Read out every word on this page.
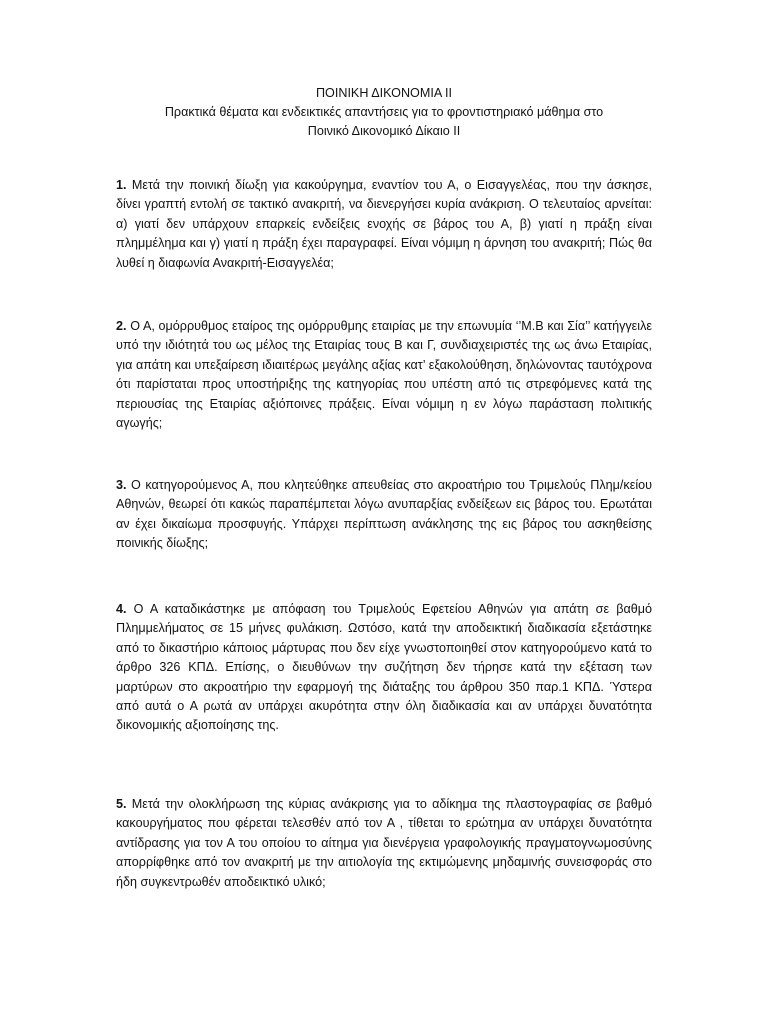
ΠΟΙΝΙΚΗ ΔΙΚΟΝΟΜΙΑ ΙΙ
Πρακτικά θέματα και ενδεικτικές απαντήσεις για το φροντιστηριακό μάθημα στο
Ποινικό Δικονομικό Δίκαιο ΙΙ

1. Μετά την ποινική δίωξη για κακούργημα, εναντίον του Α, ο Εισαγγελέας, που την άσκησε, δίνει γραπτή εντολή σε τακτικό ανακριτή, να διενεργήσει κυρία ανάκριση. Ο τελευταίος αρνείται: α) γιατί δεν υπάρχουν επαρκείς ενδείξεις ενοχής σε βάρος του Α, β) γιατί η πράξη είναι πλημμέλημα και γ) γιατί η πράξη έχει παραγραφεί. Είναι νόμιμη η άρνηση του ανακριτή; Πώς θα λυθεί η διαφωνία Ανακριτή-Εισαγγελέα;

2. Ο Α, ομόρρυθμος εταίρος της ομόρρυθμης εταιρίας με την επωνυμία ‘’Μ.Β και Σία’’ κατήγγειλε υπό την ιδιότητά του ως μέλος της Εταιρίας τους Β και Γ, συνδιαχειριστές της ως άνω Εταιρίας, για απάτη και υπεξαίρεση ιδιαιτέρως μεγάλης αξίας κατ’ εξακολούθηση, δηλώνοντας ταυτόχρονα ότι παρίσταται προς υποστήριξης της κατηγορίας που υπέστη από τις στρεφόμενες κατά της περιουσίας της Εταιρίας αξιόποινες πράξεις. Είναι νόμιμη η εν λόγω παράσταση πολιτικής αγωγής;

3. Ο κατηγορούμενος Α, που κλητεύθηκε απευθείας στο ακροατήριο του Τριμελούς Πλημ/κείου Αθηνών, θεωρεί ότι κακώς παραπέμπεται λόγω ανυπαρξίας ενδείξεων εις βάρος του. Ερωτάται αν έχει δικαίωμα προσφυγής. Υπάρχει περίπτωση ανάκλησης της εις βάρος του ασκηθείσης ποινικής δίωξης;

4. Ο Α καταδικάστηκε με απόφαση του Τριμελούς Εφετείου Αθηνών για απάτη σε βαθμό Πλημμελήματος σε 15 μήνες φυλάκιση. Ωστόσο, κατά την αποδεικτική διαδικασία εξετάστηκε από το δικαστήριο κάποιος μάρτυρας που δεν είχε γνωστοποιηθεί στον κατηγορούμενο κατά το άρθρο 326 ΚΠΔ. Επίσης, ο διευθύνων την συζήτηση δεν τήρησε κατά την εξέταση των μαρτύρων στο ακροατήριο την εφαρμογή της διάταξης του άρθρου 350 παρ.1 ΚΠΔ. Ύστερα από αυτά ο Α ρωτά αν υπάρχει ακυρότητα στην όλη διαδικασία και αν υπάρχει δυνατότητα δικονομικής αξιοποίησης της.

5. Μετά την ολοκλήρωση της κύριας ανάκρισης για το αδίκημα της πλαστογραφίας σε βαθμό κακουργήματος που φέρεται τελεσθέν από τον Α , τίθεται το ερώτημα αν υπάρχει δυνατότητα αντίδρασης για τον Α του οποίου το αίτημα για διενέργεια γραφολογικής πραγματογνωμοσύνης απορρίφθηκε από τον ανακριτή με την αιτιολογία της εκτιμώμενης μηδαμινής συνεισφοράς στο ήδη συγκεντρωθέν αποδεικτικό υλικό;
